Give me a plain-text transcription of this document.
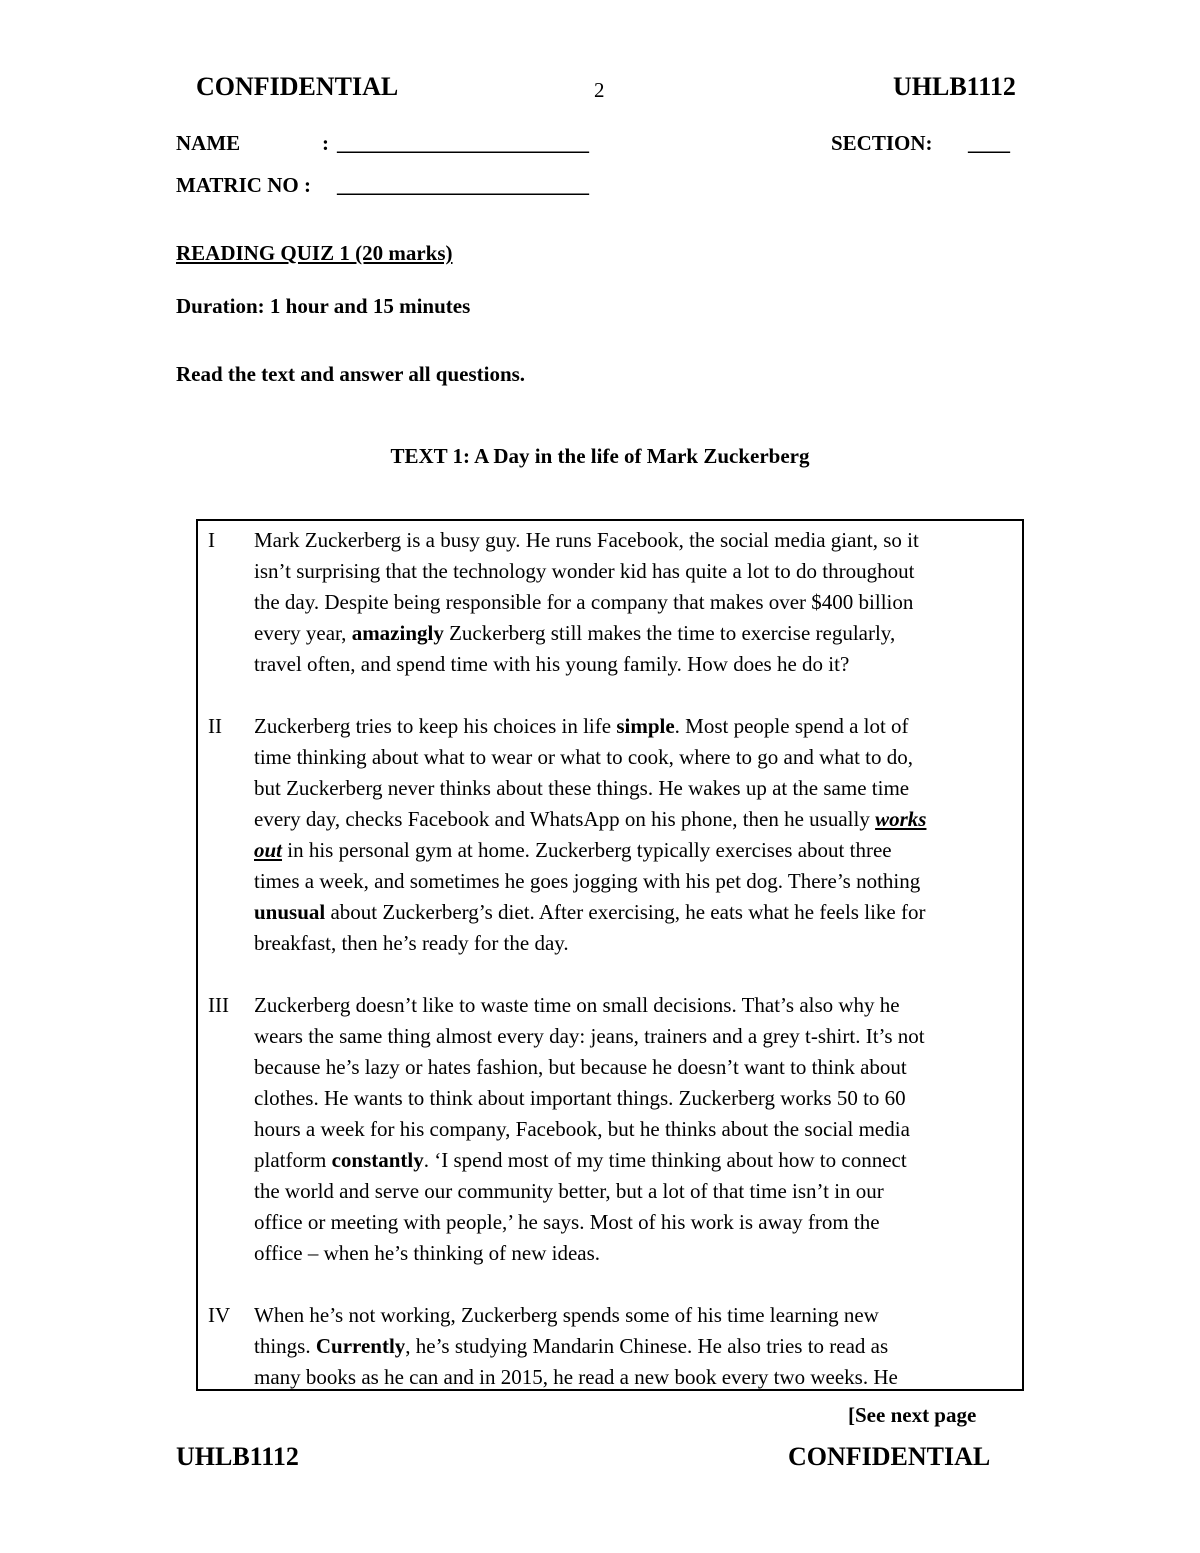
CONFIDENTIAL	2	UHLB1112
NAME	: ________________________	SECTION: ____
MATRIC NO : ________________________
READING QUIZ 1 (20 marks)
Duration: 1 hour and 15 minutes
Read the text and answer all questions.
TEXT 1: A Day in the life of Mark Zuckerberg
I Mark Zuckerberg is a busy guy. He runs Facebook, the social media giant, so it
isn’t surprising that the technology wonder kid has quite a lot to do throughout
the day. Despite being responsible for a company that makes over $400 billion
every year, amazingly Zuckerberg still makes the time to exercise regularly,
travel often, and spend time with his young family. How does he do it?
II Zuckerberg tries to keep his choices in life simple. Most people spend a lot of
time thinking about what to wear or what to cook, where to go and what to do,
but Zuckerberg never thinks about these things. He wakes up at the same time
every day, checks Facebook and WhatsApp on his phone, then he usually works
out in his personal gym at home. Zuckerberg typically exercises about three
times a week, and sometimes he goes jogging with his pet dog. There’s nothing
unusual about Zuckerberg’s diet. After exercising, he eats what he feels like for
breakfast, then he’s ready for the day.
III Zuckerberg doesn’t like to waste time on small decisions. That’s also why he
wears the same thing almost every day: jeans, trainers and a grey t-shirt. It’s not
because he’s lazy or hates fashion, but because he doesn’t want to think about
clothes. He wants to think about important things. Zuckerberg works 50 to 60
hours a week for his company, Facebook, but he thinks about the social media
platform constantly. ‘I spend most of my time thinking about how to connect
the world and serve our community better, but a lot of that time isn’t in our
office or meeting with people,’ he says. Most of his work is away from the
office – when he’s thinking of new ideas.
IV When he’s not working, Zuckerberg spends some of his time learning new
things. Currently, he’s studying Mandarin Chinese. He also tries to read as
many books as he can and in 2015, he read a new book every two weeks. He
[See next page
UHLB1112	CONFIDENTIAL
